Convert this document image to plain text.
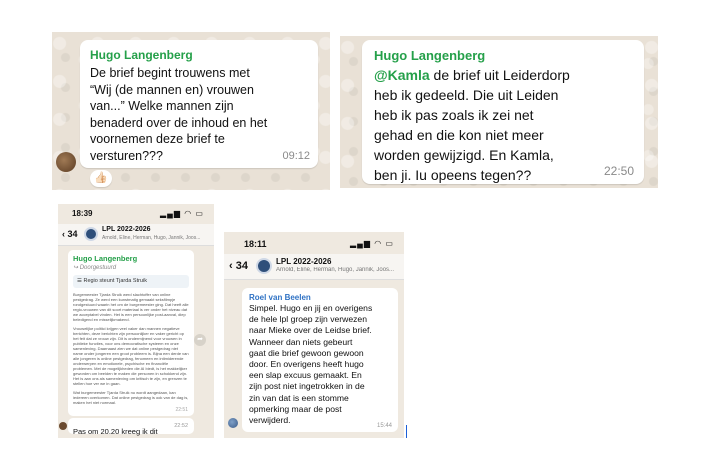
Hugo Langenberg
De brief begint trouwens met
“Wij (de mannen en) vrouwen
van...” Welke mannen zijn
benaderd over de inhoud en het
voornemen deze brief te
versturen???	09:12
👍🏻
Hugo Langenberg
@Kamla de brief uit Leiderdorp
heb ik gedeeld. Die uit Leiden
heb ik pas zoals ik zei net
gehad en die kon niet meer
worden gewijzigd. En Kamla,
ben ji. Iu opeens tegen??	22:50
18:39	▂▄▆ ◠ ▭
‹ 34	LPL 2022-2026
Arnold, Eline, Herman, Hugo, Jannik, Joos...
Hugo Langenberg
↪ Doorgestuurd
☰ Regio steunt Tjarda Struik

Burgemeester Tjarda Struik werd slachtoffer van online pestgedrag. Ze werd een kunstmatig gemaakt seksfilmpje rondgestuurd waarin het om de burgemeester ging. Dat heeft alle regio-vrouwen van dit soort materiaal is ver onder het niveau dat we acceptabel vinden. Het is een persoonlijke post-aanval, diep beledigend en misselijkmakend.

Vrouwelijke politici krijgen veel vaker dan mannen negatieve berichten, deze berichten zijn persoonlijker en vaker gericht op het feit dat ze vrouw zijn. Dit is ondermijnend voor vrouwen in publieke functies, voor ons democratische systeem en onze samenleving. Daarnaast zien we dat online pestgedrag niet name onder jongeren een groot probleem is. Bijna een derde van alle jongeren is online pestgedrag, fenomeen en intimiderende onderwerpen en emotionele, psychische en financiële problemen. Met de mogelijkheden die AI biedt, is het makkelijker geworden om beelden te maken die personen in schokkend zijn. Het is aan ons als samenleving om kritisch te zijn, en grenzen te stellen hoe ver we in gaan.

Wat burgemeester Tjarda Struik nu wordt aangedaan, kan iedereen overkomen. Dat online pestgedrag is ook van de dag is, maken het niet normaal.

22:51
➦
Pas om 20.20 kreeg ik dit
22:52
18:11	▂▄▆ ◠ ▭
‹ 34	LPL 2022-2026
Arnold, Eline, Herman, Hugo, Jannik, Joos...
Roel van Beelen
Simpel. Hugo en jij en overigens
de hele lpl groep zijn verwezen
naar Mieke over de Leidse brief.
Wanneer dan niets gebeurt
gaat die brief gewoon gewoon
door. En overigens heeft hugo
een slap excuus gemaakt. En
zijn post niet ingetrokken in de
zin van dat is een stomme
opmerking maar de post
verwijderd.
15:44
